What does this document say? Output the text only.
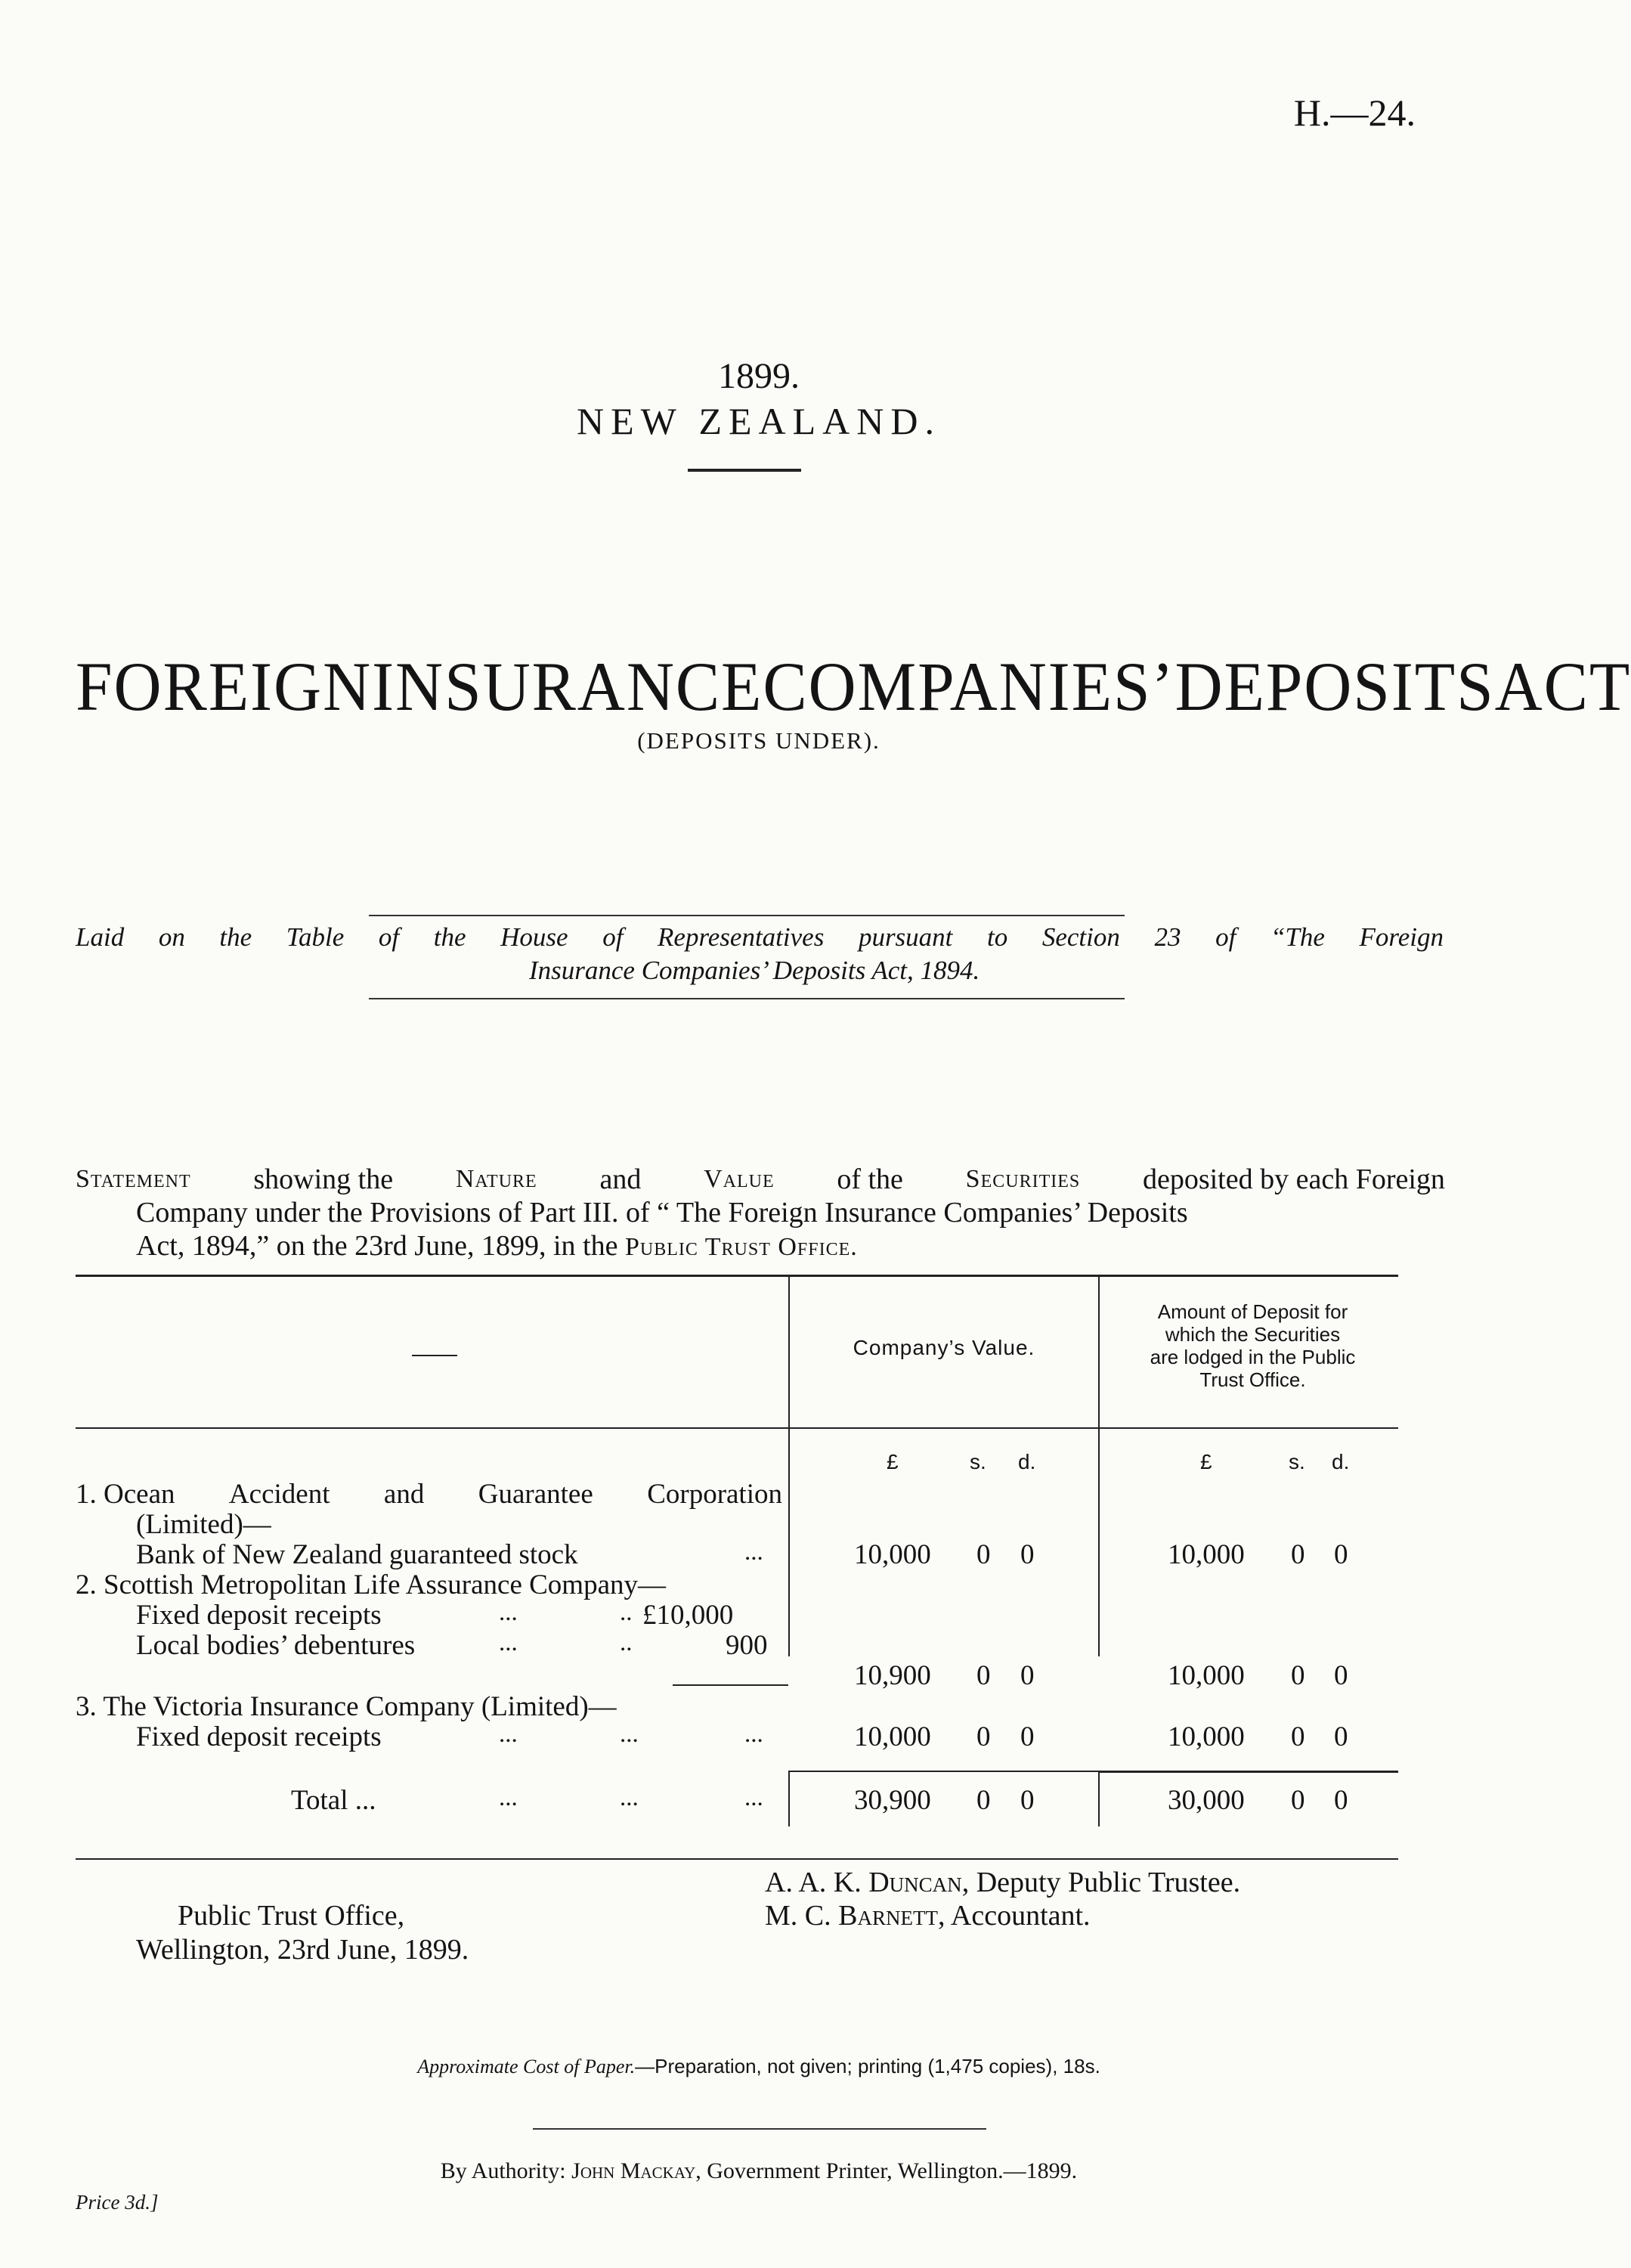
H.—24.
1899.
NEW ZEALAND.
FOREIGN INSURANCE COMPANIES’ DEPOSITS ACT
(DEPOSITS UNDER).
Laid on the Table of the House of Representatives pursuant to Section 23 of “The Foreign
Insurance Companies’ Deposits Act, 1894.

Statement showing the Nature and Value of the Securities deposited by each Foreign

Company under the Provisions of Part III. of “ The Foreign Insurance Companies’ Deposits

Act, 1894,” on the 23rd June, 1899, in the Public Trust Office.

Company’s Value.
Amount of Deposit for
which the Securities
are lodged in the Public
Trust Office.
£	s. d.	£	s. d.
1. Ocean Accident and Guarantee Corporation
(Limited)—
Bank of New Zealand guaranteed stock	...	10,000 0 0	10,000 0 0
2. Scottish Metropolitan Life Assurance Company—
Fixed deposit receipts	...	.. £10,000
Local bodies’ debentures	...	..	900
10,900 0 0	10,000 0 0
3. The Victoria Insurance Company (Limited)—
Fixed deposit receipts	...	...	...	10,000 0 0	10,000 0 0
Total ...	...	...	...	30,900 0 0	30,000 0 0
A. A. K. Duncan, Deputy Public Trustee.
M. C. Barnett, Accountant.
Public Trust Office,
Wellington, 23rd June, 1899.
Approximate Cost of Paper.—Preparation, not given; printing (1,475 copies), 18s.
By Authority: John Mackay, Government Printer, Wellington.—1899.
Price 3d.]
